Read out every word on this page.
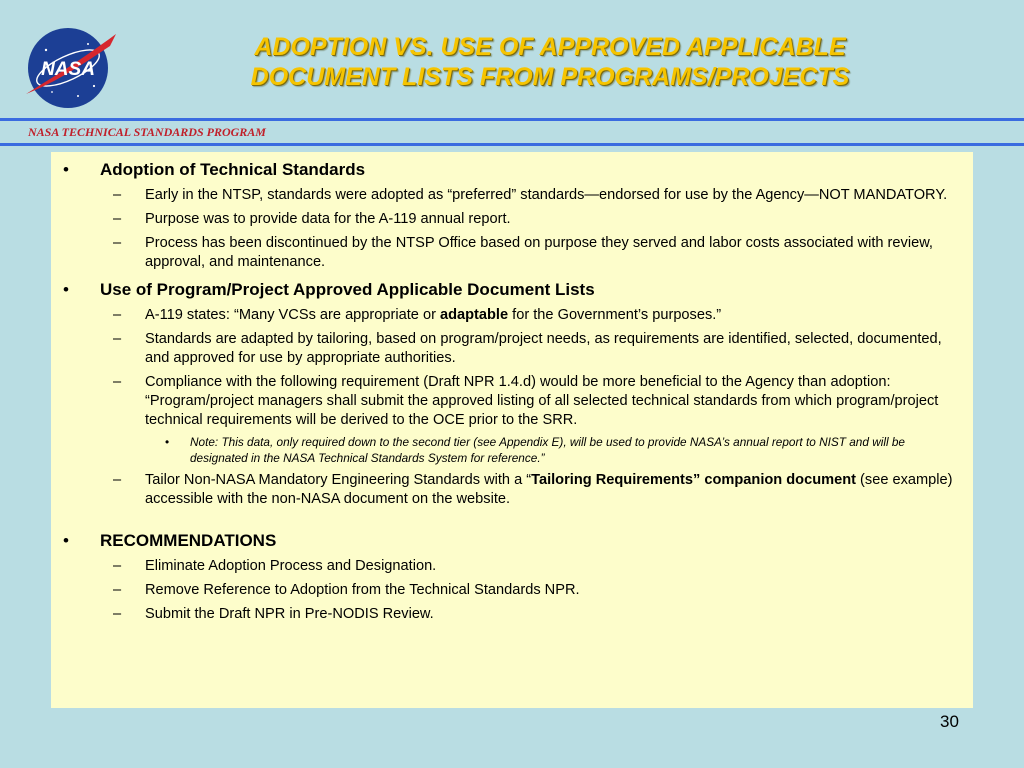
NASA
ADOPTION VS. USE OF APPROVED APPLICABLE
DOCUMENT LISTS FROM PROGRAMS/PROJECTS
NASA TECHNICAL STANDARDS PROGRAM
• Adoption of Technical Standards
– Early in the NTSP, standards were adopted as “preferred” standards—endorsed for use by the Agency—NOT MANDATORY.
– Purpose was to provide data for the A-119 annual report.
– Process has been discontinued by the NTSP Office based on purpose they served and labor costs associated with review, approval, and maintenance.
• Use of Program/Project Approved Applicable Document Lists
– A-119 states: “Many VCSs are appropriate or adaptable for the Government’s purposes.”
– Standards are adapted by tailoring, based on program/project needs, as requirements are identified, selected, documented, and approved for use by appropriate authorities.
– Compliance with the following requirement (Draft NPR 1.4.d) would be more beneficial to the Agency than adoption: “Program/project managers shall submit the approved listing of all selected technical standards from which program/project technical requirements will be derived to the OCE prior to the SRR.
• Note: This data, only required down to the second tier (see Appendix E), will be used to provide NASA’s annual report to NIST and will be designated in the NASA Technical Standards System for reference.”
– Tailor Non-NASA Mandatory Engineering Standards with a “Tailoring Requirements” companion document (see example) accessible with the non-NASA document on the website.
• RECOMMENDATIONS
– Eliminate Adoption Process and Designation.
– Remove Reference to Adoption from the Technical Standards NPR.
– Submit the Draft NPR in Pre-NODIS Review.
30
